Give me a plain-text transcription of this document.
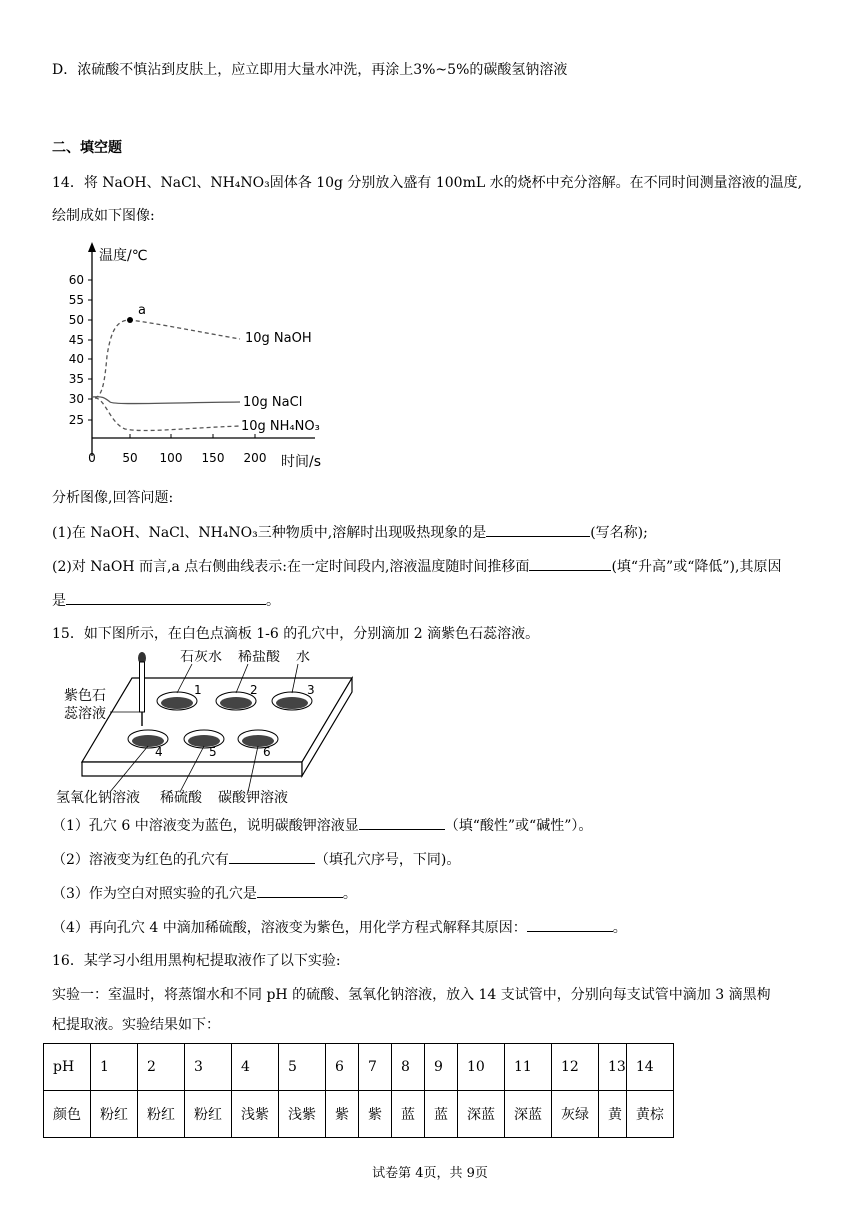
D．浓硫酸不慎沾到皮肤上，应立即用大量水冲洗，再涂上3%~5%的碳酸氢钠溶液
二、填空题
14．将 NaOH、NaCl、NH₄NO₃固体各 10g 分别放入盛有 100mL 水的烧杯中充分溶解。在不同时间测量溶液的温度,
绘制成如下图像:
温度/℃
时间/s
60
55
50
45
40
35
30
25
0 50 100 150 200
a
10g NaOH
10g NaCl
10g NH₄NO₃
分析图像,回答问题:
(1)在 NaOH、NaCl、NH₄NO₃三种物质中,溶解时出现吸热现象的是	(写名称);
(2)对 NaOH 而言,a 点右侧曲线表示:在一定时间段内,溶液温度随时间推移面	(填“升高”或“降低”),其原因
是	。
15．如下图所示，在白色点滴板 1-6 的孔穴中，分别滴加 2 滴紫色石蕊溶液。
1	2	3
4	5	6
石灰水 稀盐酸 水
紫色石
蕊溶液
氢氧化钠溶液 稀硫酸 碳酸钾溶液
（1）孔穴 6 中溶液变为蓝色，说明碳酸钾溶液显	（填“酸性”或“碱性”）。
（2）溶液变为红色的孔穴有	（填孔穴序号，下同)。
（3）作为空白对照实验的孔穴是	。
（4）再向孔穴 4 中滴加稀硫酸，溶液变为紫色，用化学方程式解释其原因：	。
16．某学习小组用黑枸杞提取液作了以下实验:
实验一：室温时，将蒸馏水和不同 pH 的硫酸、氢氧化钠溶液，放入 14 支试管中，分别向每支试管中滴加 3 滴黑枸
杞提取液。实验结果如下：
pH	1	2	3	4	5	6	7	8	9	10	11	12	13	14
颜色	粉红	粉红	粉红	浅紫	浅紫	紫	紫	蓝	蓝	深蓝	深蓝	灰绿	黄	黄棕
试卷第 4页，共 9页
